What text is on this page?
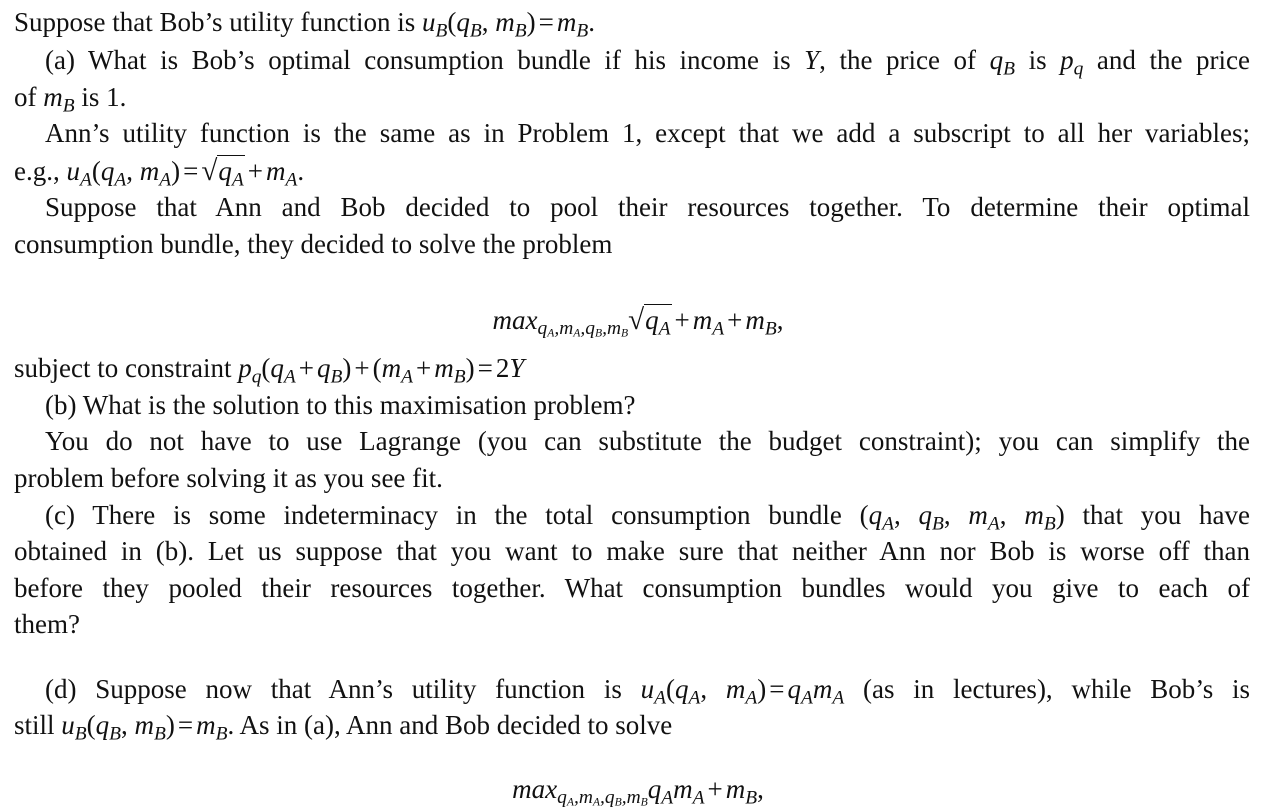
Suppose that Bob’s utility function is $u_B(q_B$, $m_B) = m_B$.
(a) What is Bob’s optimal consumption bundle if his income is Y, the price of $q_B$ is $p_q$ and the price
of $m_B$ is 1.
Ann’s utility function is the same as in Problem 1, except that we add a subscript to all her variables;
e.g., $u_A(q_A$, $m_A) = √q_A + m_A$.
Suppose that Ann and Bob decided to pool their resources together. To determine their optimal
consumption bundle, they decided to solve the problem
$\max_{qA,mA,qB,mB}√q_A + m_A + m_B$,
subject to constraint $p_q(q_A + q_B) + (m_A + m_B) = 2Y$
(b) What is the solution to this maximisation problem?
You do not have to use Lagrange (you can substitute the budget constraint); you can simplify the
problem before solving it as you see fit.
(c) There is some indeterminacy in the total consumption bundle ($q_A$, $q_B$, $m_A$, $m_B$) that you have
obtained in (b). Let us suppose that you want to make sure that neither Ann nor Bob is worse off than
before they pooled their resources together. What consumption bundles would you give to each of
them?
(d) Suppose now that Ann’s utility function is $u_A(q_A$, $m_A) = q_Am_A$ (as in lectures), while Bob’s is
still $u_B(q_B$, $m_B) = m_B$. As in (a), Ann and Bob decided to solve
$\max_{qA,mA,qB,mB}q_Am_A + m_B$,
